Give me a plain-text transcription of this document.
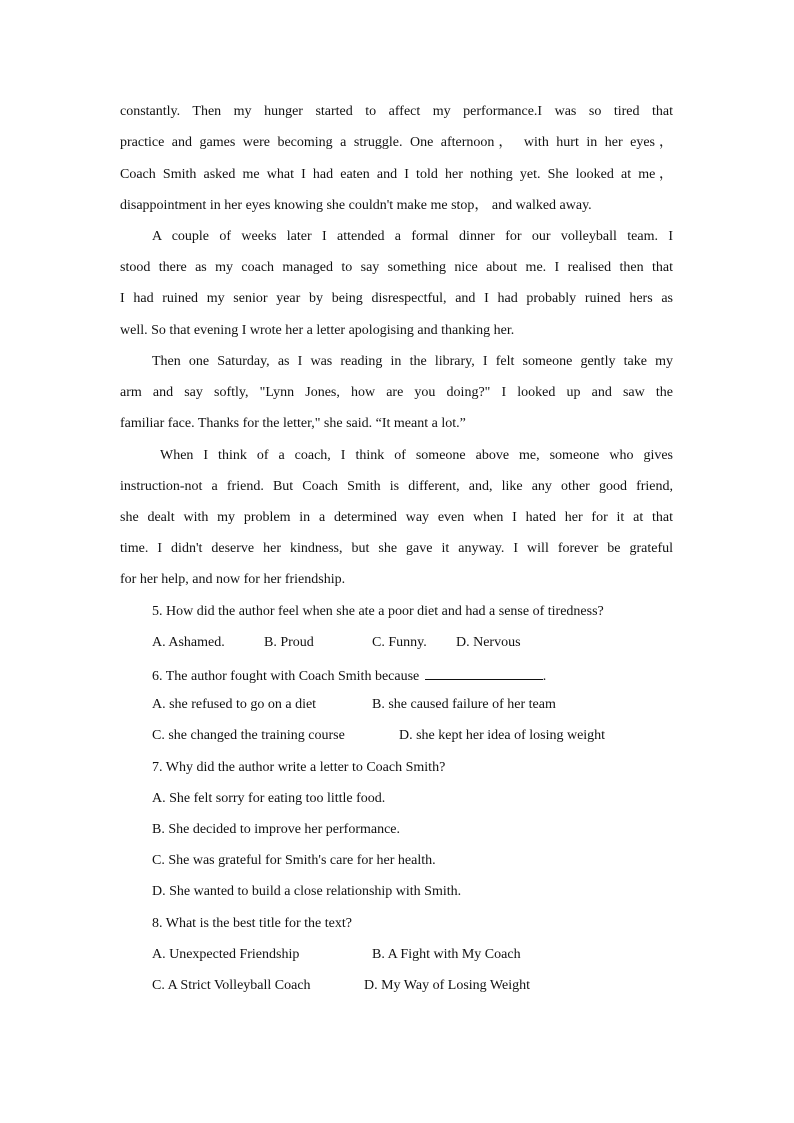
constantly. Then my hunger started to affect my performance.I was so tired that
practice and games were becoming a struggle. One afternoon， with hurt in her eyes，
Coach Smith asked me what I had eaten and I told her nothing yet. She looked at me，
disappointment in her eyes knowing she couldn't make me stop， and walked away.
A couple of weeks later I attended a formal dinner for our volleyball team. I
stood there as my coach managed to say something nice about me. I realised then that
I had ruined my senior year by being disrespectful, and I had probably ruined hers as
well. So that evening I wrote her a letter apologising and thanking her.
Then one Saturday, as I was reading in the library, I felt someone gently take my
arm and say softly, "Lynn Jones, how are you doing?" I looked up and saw the
familiar face. Thanks for the letter," she said. “It meant a lot.”
When I think of a coach, I think of someone above me, someone who gives
instruction-not a friend. But Coach Smith is different, and, like any other good friend,
she dealt with my problem in a determined way even when I hated her for it at that
time. I didn't deserve her kindness, but she gave it anyway. I will forever be grateful
for her help, and now for her friendship.
5. How did the author feel when she ate a poor diet and had a sense of tiredness?
A. Ashamed.	B. Proud	C. Funny. D. Nervous
6. The author fought with Coach Smith because	.
A. she refused to go on a diet	B. she caused failure of her team
C. she changed the training course	D. she kept her idea of losing weight
7. Why did the author write a letter to Coach Smith?
A. She felt sorry for eating too little food.
B. She decided to improve her performance.
C. She was grateful for Smith's care for her health.
D. She wanted to build a close relationship with Smith.
8. What is the best title for the text?
A. Unexpected Friendship	B. A Fight with My Coach
C. A Strict Volleyball Coach	D. My Way of Losing Weight
